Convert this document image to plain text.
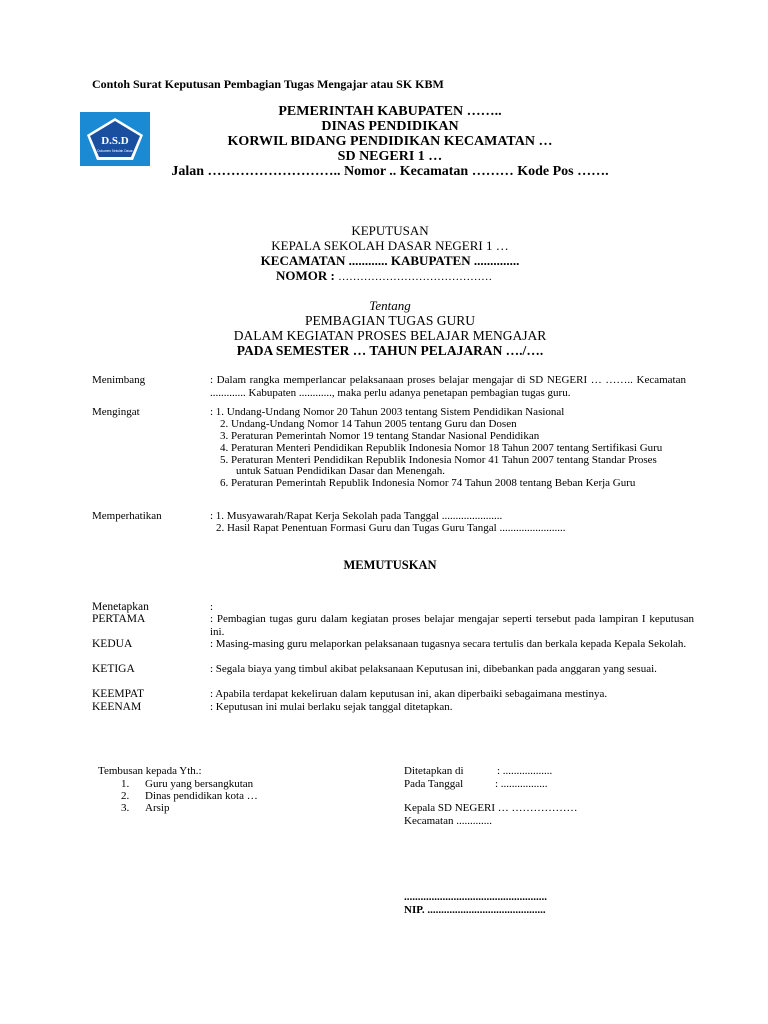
Contoh Surat Keputusan Pembagian Tugas Mengajar atau SK KBM
D.S.D
Dokumen Sekolah Dasar
PEMERINTAH KABUPATEN ……..
DINAS PENDIDIKAN
KORWIL BIDANG PENDIDIKAN KECAMATAN …
SD NEGERI 1 …
Jalan ……………………….. Nomor .. Kecamatan ……… Kode Pos …….
KEPUTUSAN
KEPALA SEKOLAH DASAR NEGERI 1 …
KECAMATAN ............ KABUPATEN ..............
NOMOR : ……………………………………
Tentang
PEMBAGIAN TUGAS GURU
DALAM KEGIATAN PROSES BELAJAR MENGAJAR
PADA SEMESTER … TAHUN PELAJARAN …./….
Menimbang	: Dalam rangka memperlancar pelaksanaan proses belajar mengajar di SD NEGERI … …….. Kecamatan ............. Kabupaten ............, maka perlu adanya penetapan pembagian tugas guru.
Mengingat	: 1. Undang-Undang Nomor 20 Tahun 2003 tentang Sistem Pendidikan Nasional
2. Undang-Undang Nomor 14 Tahun 2005 tentang Guru dan Dosen
3. Peraturan Pemerintah Nomor 19 tentang Standar Nasional Pendidikan
4. Peraturan Menteri Pendidikan Republik Indonesia Nomor 18 Tahun 2007 tentang Sertifikasi Guru
5. Peraturan Menteri Pendidikan Republik Indonesia Nomor 41 Tahun 2007 tentang Standar Proses
untuk Satuan Pendidikan Dasar dan Menengah.
6. Peraturan Pemerintah Republik Indonesia Nomor 74 Tahun 2008 tentang Beban Kerja Guru
Memperhatikan	: 1. Musyawarah/Rapat Kerja Sekolah pada Tanggal ......................
2. Hasil Rapat Penentuan Formasi Guru dan Tugas Guru Tangal ........................
MEMUTUSKAN
Menetapkan	:
PERTAMA	: Pembagian tugas guru dalam kegiatan proses belajar mengajar seperti tersebut pada lampiran I keputusan ini.
KEDUA	: Masing-masing guru melaporkan pelaksanaan tugasnya secara tertulis dan berkala kepada Kepala Sekolah.
KETIGA	: Segala biaya yang timbul akibat pelaksanaan Keputusan ini, dibebankan pada anggaran yang sesuai.
KEEMPAT	: Apabila terdapat kekeliruan dalam keputusan ini, akan diperbaiki sebagaimana mestinya.
KEENAM	: Keputusan ini mulai berlaku sejak tanggal ditetapkan.
Tembusan kepada Yth.:
1. Guru yang bersangkutan
2. Dinas pendidikan kota …
3. Arsip
Ditetapkan di	: ..................
Pada Tanggal	: .................
Kepala SD NEGERI … ………………
Kecamatan .............
....................................................
NIP. ...........................................
